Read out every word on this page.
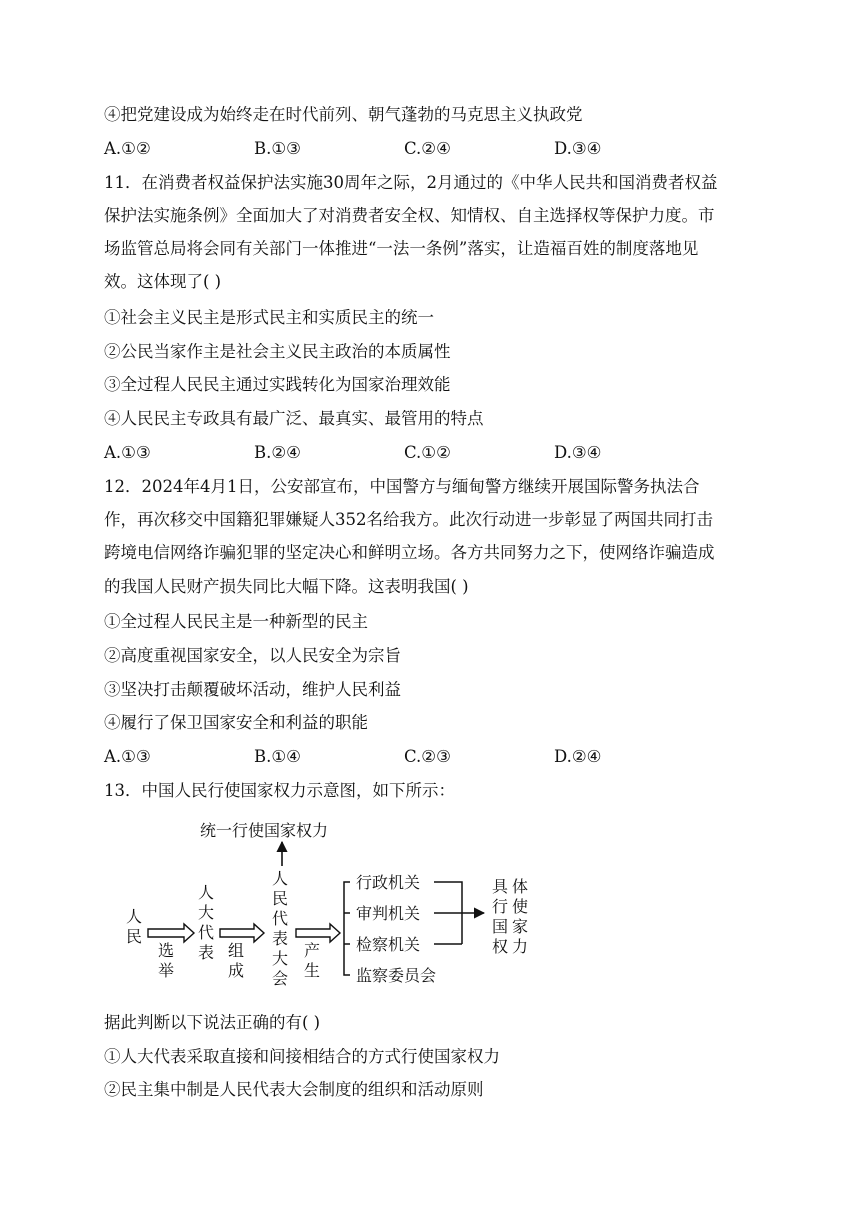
④把党建设成为始终走在时代前列、朝气蓬勃的马克思主义执政党
A.①②	B.①③	C.②④	D.③④
11．在消费者权益保护法实施30周年之际，2月通过的《中华人民共和国消费者权益
保护法实施条例》全面加大了对消费者安全权、知情权、自主选择权等保护力度。市
场监管总局将会同有关部门一体推进“一法一条例”落实，让造福百姓的制度落地见
效。这体现了( )
①社会主义民主是形式民主和实质民主的统一
②公民当家作主是社会主义民主政治的本质属性
③全过程人民民主通过实践转化为国家治理效能
④人民民主专政具有最广泛、最真实、最管用的特点
A.①③	B.②④	C.①②	D.③④
12．2024年4月1日，公安部宣布，中国警方与缅甸警方继续开展国际警务执法合
作，再次移交中国籍犯罪嫌疑人352名给我方。此次行动进一步彰显了两国共同打击
跨境电信网络诈骗犯罪的坚定决心和鲜明立场。各方共同努力之下，使网络诈骗造成
的我国人民财产损失同比大幅下降。这表明我国( )
①全过程人民民主是一种新型的民主
②高度重视国家安全，以人民安全为宗旨
③坚决打击颠覆破坏活动，维护人民利益
④履行了保卫国家安全和利益的职能
A.①③	B.①④	C.②③	D.②④
13．中国人民行使国家权力示意图，如下所示：
统一行使国家权力
人 民
选 举
人 大 代 表 组 成
人 民 代 表 大 会
产 生
行政机关
审判机关
检察机关
监察委员会
具 体 行 使 国 家 权 力
据此判断以下说法正确的有( )
①人大代表采取直接和间接相结合的方式行使国家权力
②民主集中制是人民代表大会制度的组织和活动原则
